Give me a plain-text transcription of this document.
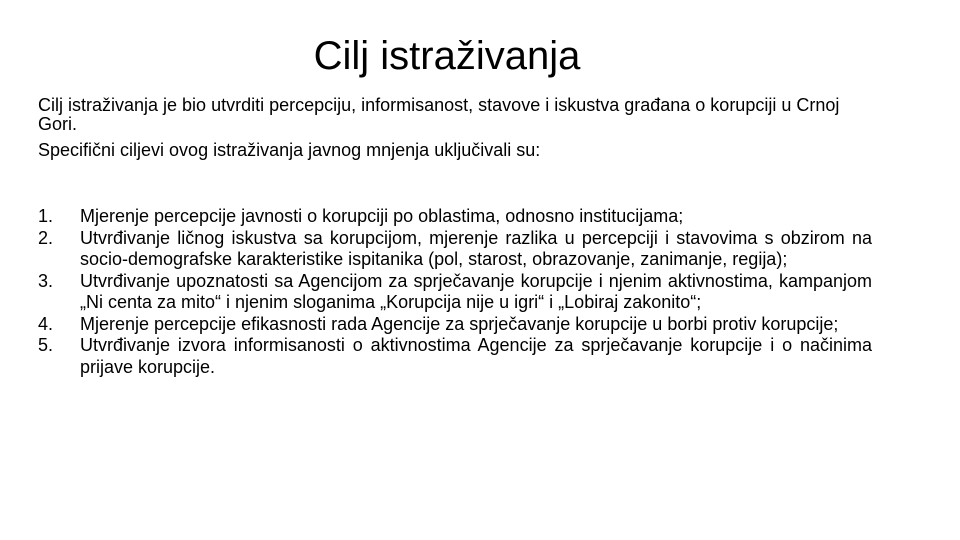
Cilj istraživanja

Cilj istraživanja je bio utvrditi percepciju, informisanost, stavove i iskustva građana o korupciji u Crnoj Gori.

Specifični ciljevi ovog istraživanja javnog mnjenja uključivali su:

1. Mjerenje percepcije javnosti o korupciji po oblastima, odnosno institucijama;
2. Utvrđivanje ličnog iskustva sa korupcijom, mjerenje razlika u percepciji i stavovima s obzirom na socio-demografske karakteristike ispitanika (pol, starost, obrazovanje, zanimanje, regija);
3. Utvrđivanje upoznatosti sa Agencijom za sprječavanje korupcije i njenim aktivnostima, kampanjom „Ni centa za mito“ i njenim sloganima „Korupcija nije u igri“ i „Lobiraj zakonito“;
4. Mjerenje percepcije efikasnosti rada Agencije za sprječavanje korupcije u borbi protiv korupcije;
5. Utvrđivanje izvora informisanosti o aktivnostima Agencije za sprječavanje korupcije i o načinima prijave korupcije.
